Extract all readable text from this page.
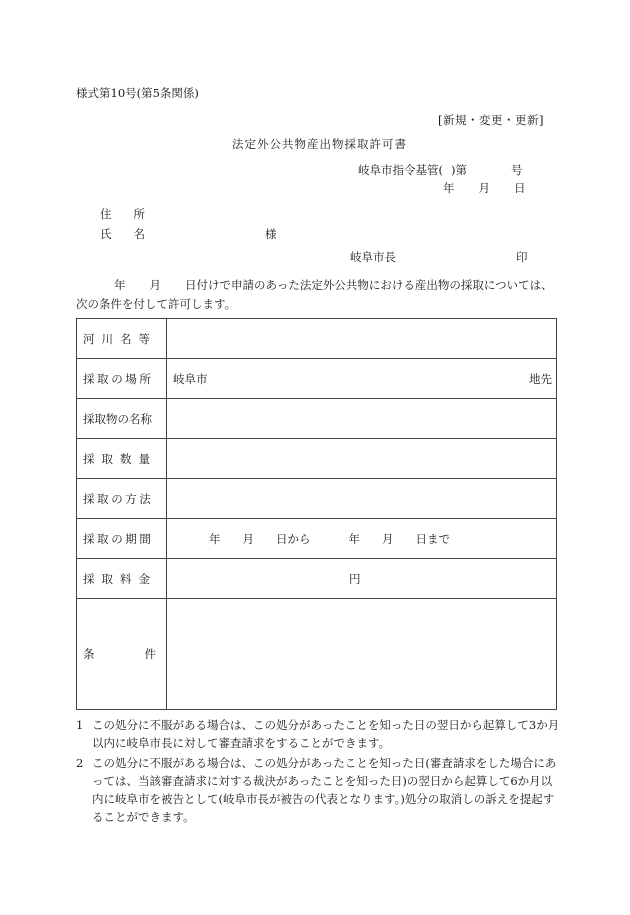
様式第10号(第5条関係)
[新規・変更・更新]
法定外公共物産出物採取許可書
岐阜市指令基管( )第	号
年 月 日
住 所
氏 名	様
岐阜市長	印
年 月 日付けで申請のあった法定外公共物における産出物の採取については、次の条件を付して許可します。
河川名等	

採取の場所	岐阜市 地先

採取物の名称	

採取数量	

採取の方法	

採取の期間	年 月 日から 年 月 日まで

採取料金	円

条 件	
1 この処分に不服がある場合は、この処分があったことを知った日の翌日から起算して3か月以内に岐阜市長に対して審査請求をすることができます。
2 この処分に不服がある場合は、この処分があったことを知った日(審査請求をした場合にあっては、当該審査請求に対する裁決があったことを知った日)の翌日から起算して6か月以内に岐阜市を被告として(岐阜市長が被告の代表となります。)処分の取消しの訴えを提起することができます。
